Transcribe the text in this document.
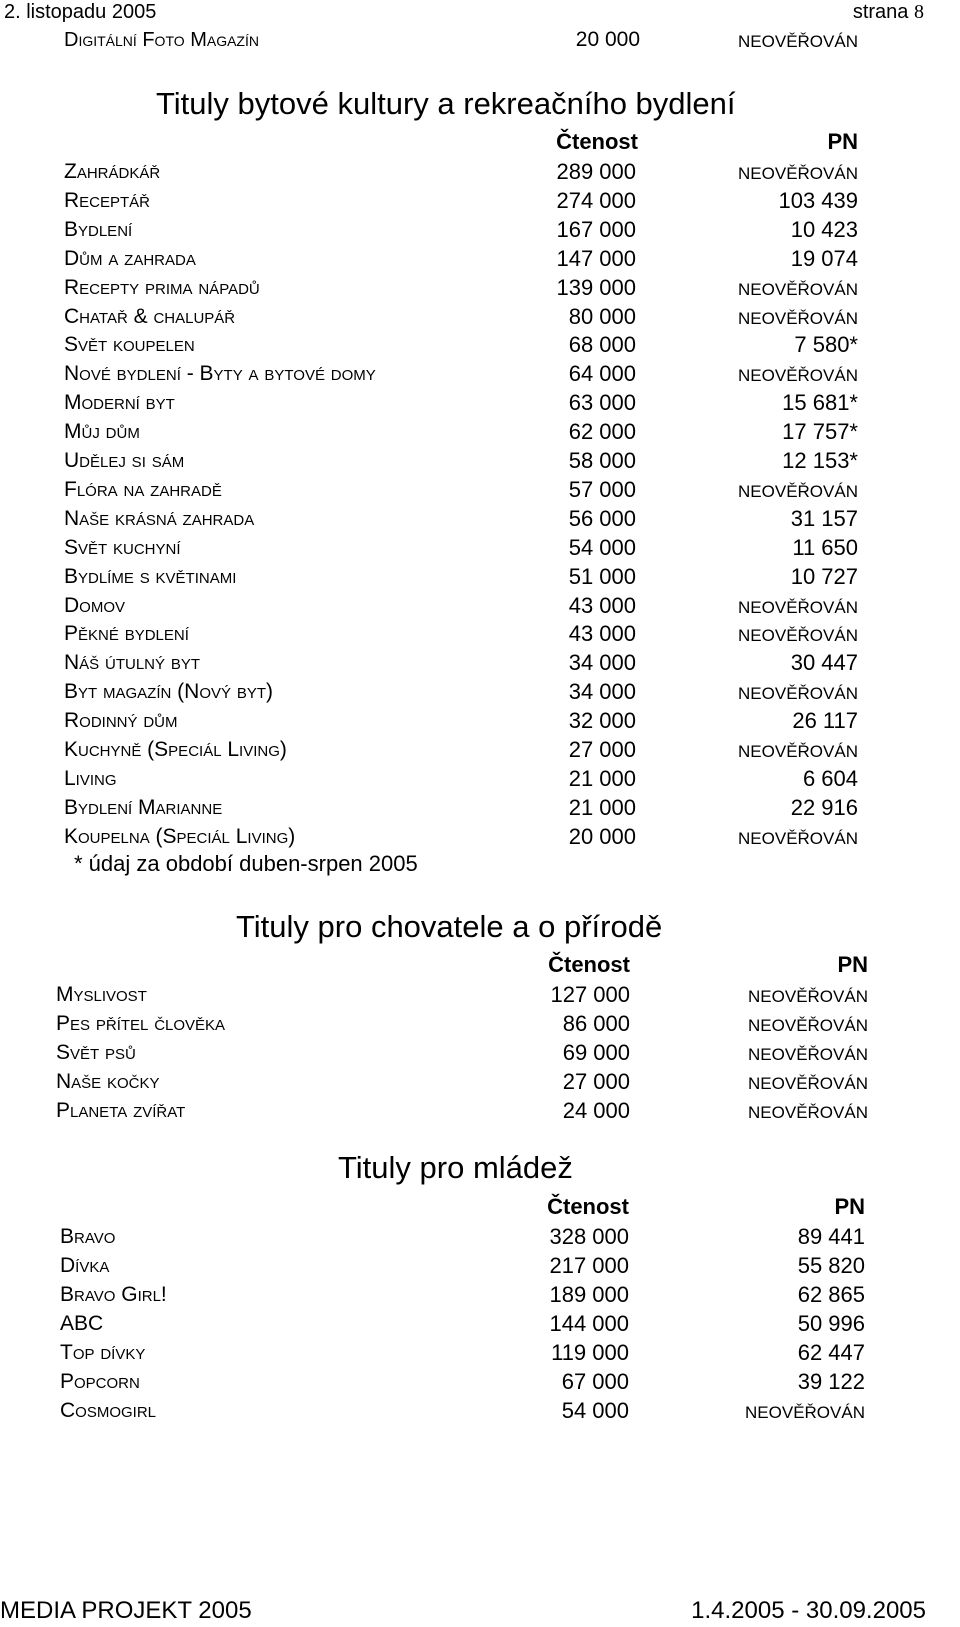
2. listopadu 2005	strana 8
Digitální Foto Magazín	20 000	NEOVĚŘOVÁN
Tituly bytové kultury a rekreačního bydlení
Čtenost	PN
Zahrádkář	289 000	NEOVĚŘOVÁN
Receptář	274 000	103 439
Bydlení	167 000	10 423
Dům a zahrada	147 000	19 074
Recepty prima nápadů	139 000	NEOVĚŘOVÁN
Chatař & chalupář	80 000	NEOVĚŘOVÁN
Svět koupelen	68 000	7 580*
Nové bydlení - Byty a bytové domy	64 000	NEOVĚŘOVÁN
Moderní byt	63 000	15 681*
Můj dům	62 000	17 757*
Udělej si sám	58 000	12 153*
Flóra na zahradě	57 000	NEOVĚŘOVÁN
Naše krásná zahrada	56 000	31 157
Svět kuchyní	54 000	11 650
Bydlíme s květinami	51 000	10 727
Domov	43 000	NEOVĚŘOVÁN
Pěkné bydlení	43 000	NEOVĚŘOVÁN
Náš útulný byt	34 000	30 447
Byt magazín (Nový byt)	34 000	NEOVĚŘOVÁN
Rodinný dům	32 000	26 117
Kuchyně (Speciál Living)	27 000	NEOVĚŘOVÁN
Living	21 000	6 604
Bydlení Marianne	21 000	22 916
Koupelna (Speciál Living)	20 000	NEOVĚŘOVÁN
* údaj za období duben-srpen 2005
Tituly pro chovatele a o přírodě
Čtenost	PN
Myslivost	127 000	NEOVĚŘOVÁN
Pes přítel člověka	86 000	NEOVĚŘOVÁN
Svět psů	69 000	NEOVĚŘOVÁN
Naše kočky	27 000	NEOVĚŘOVÁN
Planeta zvířat	24 000	NEOVĚŘOVÁN
Tituly pro mládež
Čtenost	PN
Bravo	328 000	89 441
Dívka	217 000	55 820
Bravo Girl!	189 000	62 865
ABC	144 000	50 996
Top dívky	119 000	62 447
Popcorn	67 000	39 122
Cosmogirl	54 000	NEOVĚŘOVÁN
MEDIA PROJEKT 2005	1.4.2005 - 30.09.2005
